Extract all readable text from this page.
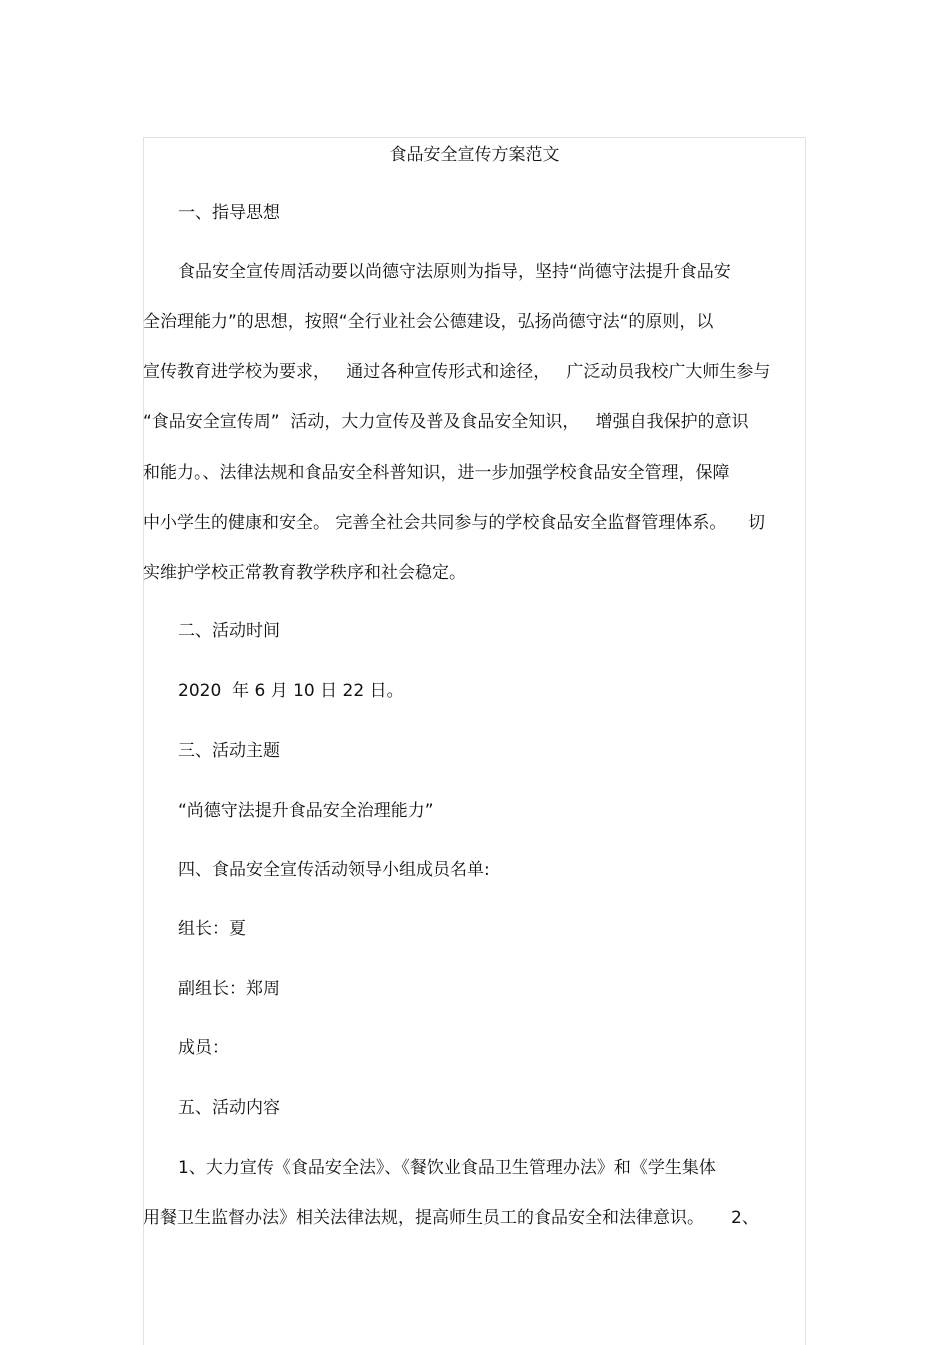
食品安全宣传方案范文
一、指导思想
食品安全宣传周活动要以尚德守法原则为指导，坚持“尚德守法提升食品安
全治理能力”的思想，按照“全行业社会公德建设，弘扬尚德守法“的原则，以
宣传教育进学校为要求，   通过各种宣传形式和途径，   广泛动员我校广大师生参与
“食品安全宣传周”  活动，大力宣传及普及食品安全知识，   增强自我保护的意识
和能力。、法律法规和食品安全科普知识，进一步加强学校食品安全管理，保障
中小学生的健康和安全。 完善全社会共同参与的学校食品安全监督管理体系。    切
实维护学校正常教育教学秩序和社会稳定。
二、活动时间
2020  年 6 月 10 日 22 日。
三、活动主题
“尚德守法提升食品安全治理能力”
四、食品安全宣传活动领导小组成员名单:
组长：夏
副组长：郑周
成员：
五、活动内容
1、大力宣传《食品安全法》、《餐饮业食品卫生管理办法》和《学生集体
用餐卫生监督办法》相关法律法规，提高师生员工的食品安全和法律意识。     2、
